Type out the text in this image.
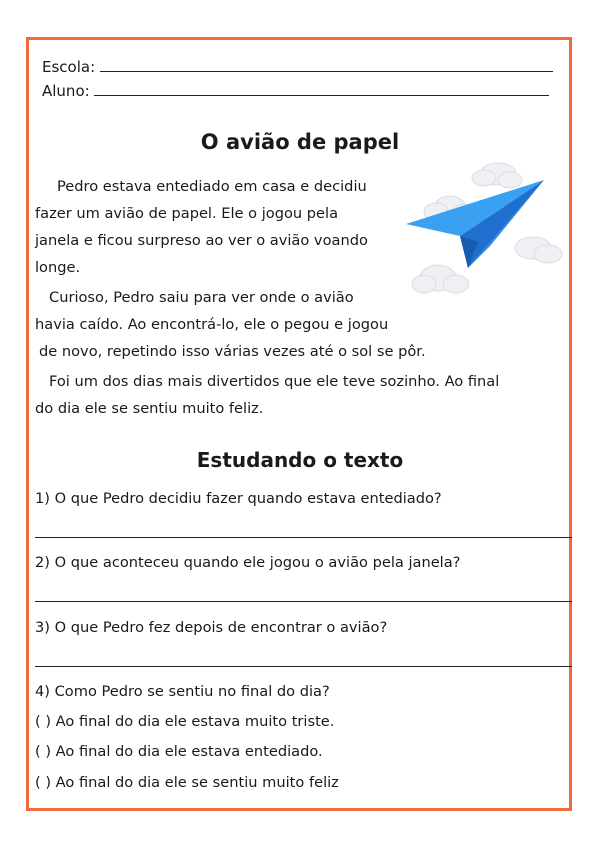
Escola:
Aluno:
O avião de papel
Pedro estava entediado em casa e decidiu
fazer um avião de papel. Ele o jogou pela
janela e ficou surpreso ao ver o avião voando
longe.
Curioso, Pedro saiu para ver onde o avião
havia caído. Ao encontrá-lo, ele o pegou e jogou
de novo, repetindo isso várias vezes até o sol se pôr.
Foi um dos dias mais divertidos que ele teve sozinho. Ao final
do dia ele se sentiu muito feliz.
Estudando o texto
1) O que Pedro decidiu fazer quando estava entediado?
2) O que aconteceu quando ele jogou o avião pela janela?
3) O que Pedro fez depois de encontrar o avião?
4) Como Pedro se sentiu no final do dia?
( ) Ao final do dia ele estava muito triste.
( ) Ao final do dia ele estava entediado.
( ) Ao final do dia ele se sentiu muito feliz
